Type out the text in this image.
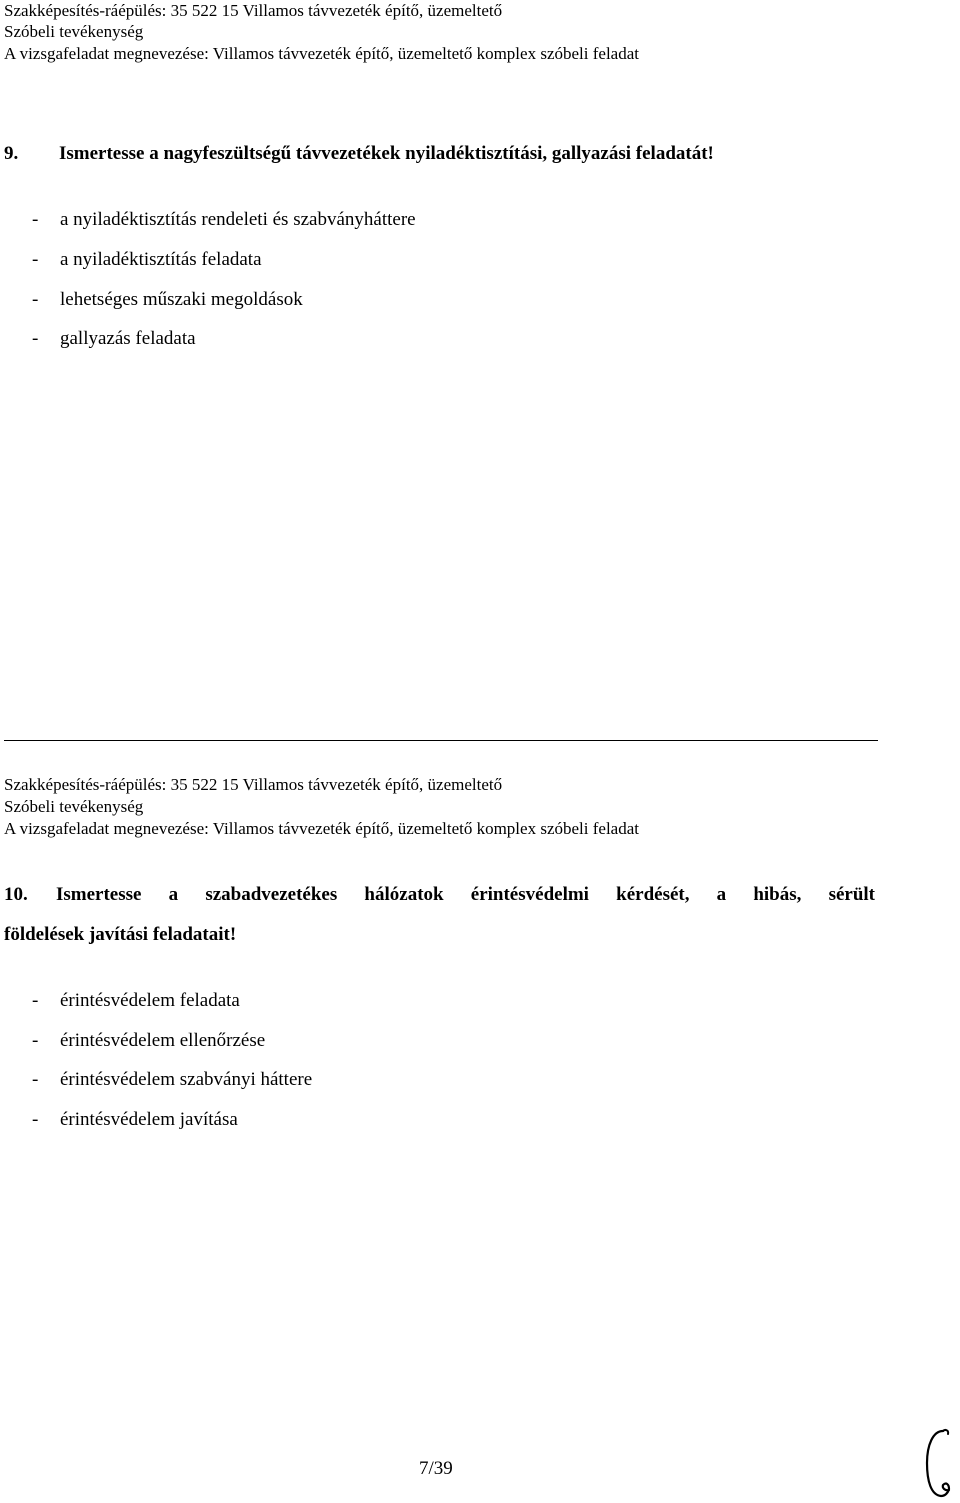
Szakképesítés-ráépülés: 35 522 15 Villamos távvezeték építő, üzemeltető
Szóbeli tevékenység
A vizsgafeladat megnevezése: Villamos távvezeték építő, üzemeltető komplex szóbeli feladat
9. Ismertesse a nagyfeszültségű távvezetékek nyiladéktisztítási, gallyazási feladatát!
- a nyiladéktisztítás rendeleti és szabványháttere
- a nyiladéktisztítás feladata
- lehetséges műszaki megoldások
- gallyazás feladata
Szakképesítés-ráépülés: 35 522 15 Villamos távvezeték építő, üzemeltető
Szóbeli tevékenység
A vizsgafeladat megnevezése: Villamos távvezeték építő, üzemeltető komplex szóbeli feladat
10. Ismertesse a szabadvezetékes hálózatok érintésvédelmi kérdését, a hibás, sérült
földelések javítási feladatait!
- érintésvédelem feladata
- érintésvédelem ellenőrzése
- érintésvédelem szabványi háttere
- érintésvédelem javítása
7/39
